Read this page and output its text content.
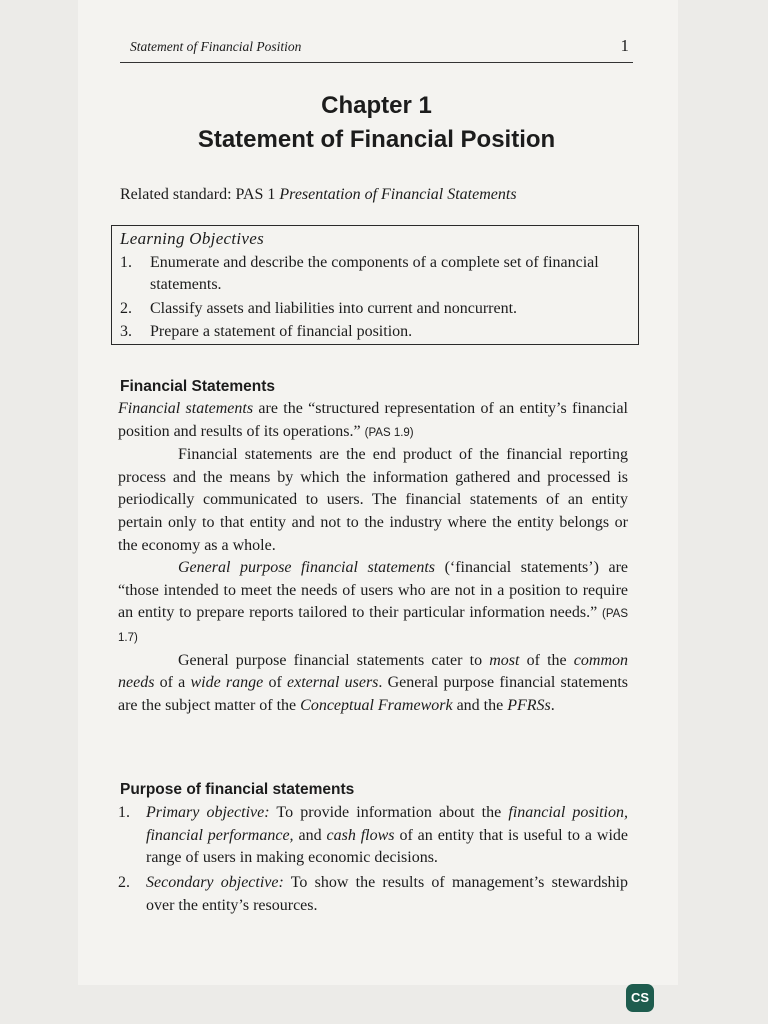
Statement of Financial Position	1
Chapter 1
Statement of Financial Position
Related standard: PAS 1 Presentation of Financial Statements
Learning Objectives
1. Enumerate and describe the components of a complete set of financial statements.
2. Classify assets and liabilities into current and noncurrent.
3. Prepare a statement of financial position.
Financial Statements

Financial statements are the “structured representation of an entity’s financial position and results of its operations.” (PAS 1.9)

Financial statements are the end product of the financial reporting process and the means by which the information gathered and processed is periodically communicated to users. The financial statements of an entity pertain only to that entity and not to the industry where the entity belongs or the economy as a whole.

General purpose financial statements (‘financial statements’) are “those intended to meet the needs of users who are not in a position to require an entity to prepare reports tailored to their particular information needs.” (PAS 1.7)

General purpose financial statements cater to most of the common needs of a wide range of external users. General purpose financial statements are the subject matter of the Conceptual Framework and the PFRSs.

Purpose of financial statements
1.	Primary objective: To provide information about the financial position, financial performance, and cash flows of an entity that is useful to a wide range of users in making economic decisions.
2.	Secondary objective: To show the results of management’s stewardship over the entity’s resources.
CS
